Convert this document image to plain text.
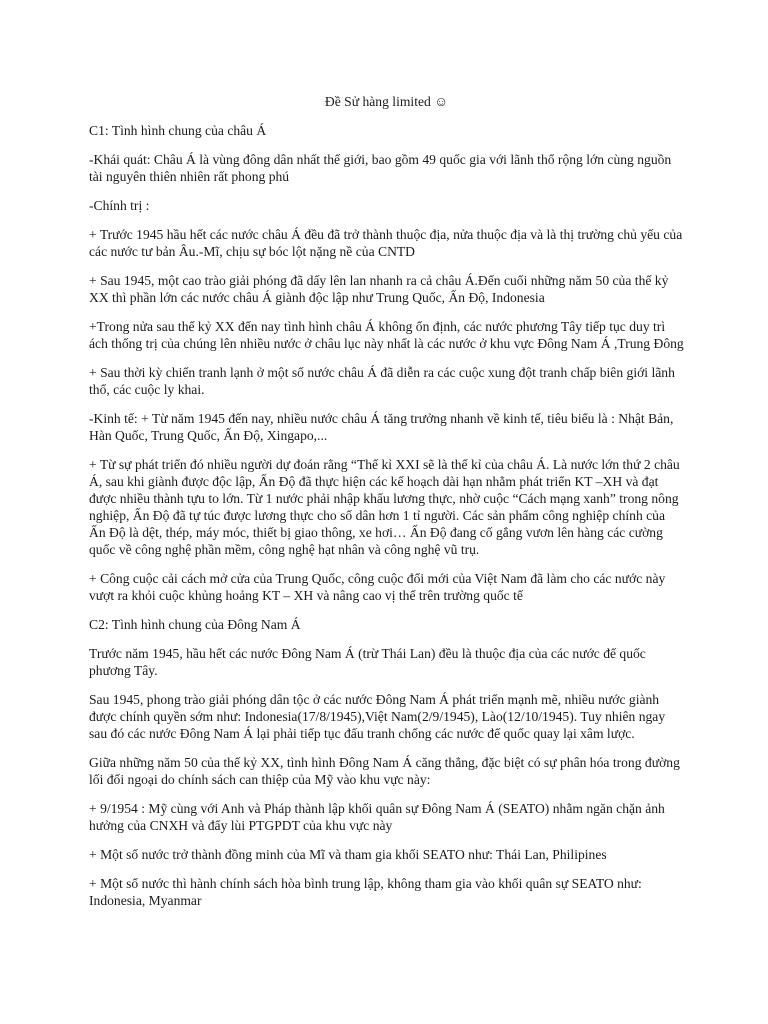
Đề Sử hàng limited ☺

C1: Tình hình chung của châu Á

-Khái quát: Châu Á là vùng đông dân nhất thế giới, bao gồm 49 quốc gia với lãnh thổ rộng lớn cùng nguồn tài nguyên thiên nhiên rất phong phú

-Chính trị :

+ Trước 1945 hầu hết các nước châu Á đều đã trở thành thuộc địa, nửa thuộc địa và là thị trường chủ yếu của các nước tư bản Âu.-Mĩ, chịu sự bóc lột nặng nề của CNTD

+ Sau 1945, một cao trào giải phóng đã dấy lên lan nhanh ra cả châu Á.Đến cuối những năm 50 của thế kỷ XX thì phần lớn các nước châu Á giành độc lập như Trung Quốc, Ấn Độ, Indonesia

+Trong nửa sau thế kỷ XX đến nay tình hình châu Á không ổn định, các nước phương Tây tiếp tục duy trì ách thống trị của chúng lên nhiều nước ở châu lục này nhất là các nước ở khu vực Đông Nam Á ,Trung Đông

+ Sau thời kỳ chiến tranh lạnh ở một số nước châu Á đã diễn ra các cuộc xung đột tranh chấp biên giới lãnh thổ, các cuộc ly khai.

-Kinh tế: + Từ năm 1945 đến nay, nhiều nước châu Á tăng trưởng nhanh về kinh tế, tiêu biểu là : Nhật Bản, Hàn Quốc, Trung Quốc, Ấn Độ, Xingapo,...

+ Từ sự phát triển đó nhiều người dự đoán rằng “Thế kỉ XXI sẽ là thế kỉ của châu Á. Là nước lớn thứ 2 châu Á, sau khi giành được độc lập, Ấn Độ đã thực hiện các kế hoạch dài hạn nhằm phát triển KT –XH và đạt được nhiều thành tựu to lớn. Từ 1 nước phải nhập khẩu lương thực, nhờ cuộc “Cách mạng xanh” trong nông nghiệp, Ấn Độ đã tự túc được lương thực cho số dân hơn 1 tỉ người. Các sản phẩm công nghiệp chính của Ấn Độ là dệt, thép, máy móc, thiết bị giao thông, xe hơi… Ấn Độ đang cố gắng vươn lên hàng các cường quốc về công nghệ phần mềm, công nghệ hạt nhân và công nghệ vũ trụ.

+ Công cuộc cải cách mở cửa của Trung Quốc, công cuộc đổi mới của Việt Nam đã làm cho các nước này vượt ra khỏi cuộc khủng hoảng KT – XH và nâng cao vị thế trên trường quốc tế

C2: Tình hình chung của Đông Nam Á

Trước năm 1945, hầu hết các nước Đông Nam Á (trừ Thái Lan) đều là thuộc địa của các nước đế quốc phương Tây.

Sau 1945, phong trào giải phóng dân tộc ở các nước Đông Nam Á phát triển mạnh mẽ, nhiều nước giành được chính quyền sớm như: Indonesia(17/8/1945),Việt Nam(2/9/1945), Lào(12/10/1945). Tuy nhiên ngay sau đó các nước Đông Nam Á lại phải tiếp tục đấu tranh chống các nước đế quốc quay lại xâm lược.

Giữa những năm 50 của thế kỷ XX, tình hình Đông Nam Á căng thẳng, đặc biệt có sự phân hóa trong đường lối đối ngoại do chính sách can thiệp của Mỹ vào khu vực này:

+ 9/1954 : Mỹ cùng với Anh và Pháp thành lập khối quân sự Đông Nam Á (SEATO) nhằm ngăn chặn ảnh hưởng của CNXH và đẩy lùi PTGPDT của khu vực này

+ Một số nước trở thành đồng minh của Mĩ và tham gia khối SEATO như: Thái Lan, Philipines

+ Một số nước thì hành chính sách hòa bình trung lập, không tham gia vào khối quân sự SEATO như: Indonesia, Myanmar
